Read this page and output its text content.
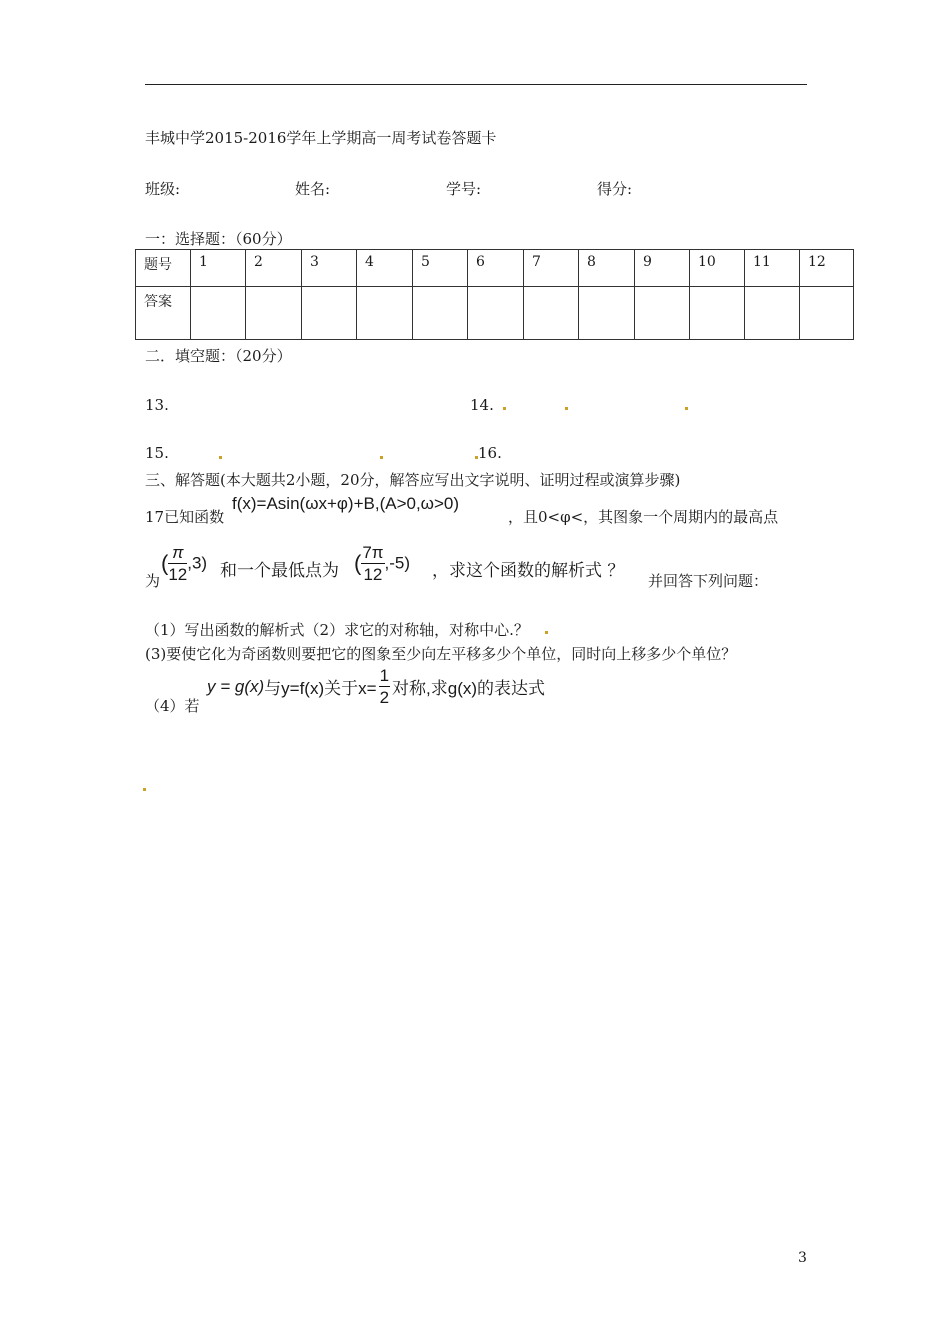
丰城中学2015-2016学年上学期高一周考试卷答题卡
班级:	姓名:	学号:	得分:
一：选择题：（60分）
题号	1	2	3	4	5	6	7	8	9	10	11	12
答案												
二．填空题：（20分）
13.	14.
15.	16.
三、解答题(本大题共2小题，20分，解答应写出文字说明、证明过程或演算步骤)
17已知函数
f(x)=Asin(ωx+φ)+B,(A>0,ω>0)
，且0<φ<，其图象一个周期内的最高点
为
( $\frac{\pi}{12} ,3$) 和一个最低点为 ( $\frac{7\pi}{12} ,-5$) ，求这个函数的解析式 ？ 并回答下列问题：
（1）写出函数的解析式（2）求它的对称轴，对称中心.？
(3)要使它化为奇函数则要把它的图象至少向左平移多少个单位，同时向上移多少个单位？
（4）若
y = g(x) 与y=f(x)关于$x= \frac{1}{2}$ 对称,求g(x)的表达式
3
